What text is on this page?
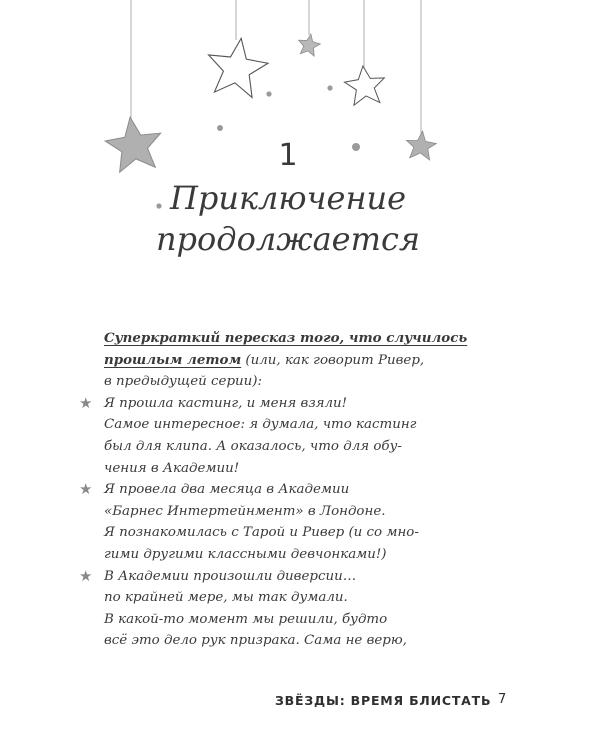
1
Приключение
продолжается
Суперкраткий пересказ того, что случилось
прошлым летом (или, как говорит Ривер,
в предыдущей серии):
★ Я прошла кастинг, и меня взяли!
Самое интересное: я думала, что кастинг
был для клипа. А оказалось, что для обу-
чения в Академии!
★ Я провела два месяца в Академии
«Барнес Интертейнмент» в Лондоне.
Я познакомилась с Тарой и Ривер (и со мно-
гими другими классными девчонками!)
★ В Академии произошли диверсии…
по крайней мере, мы так думали.
В какой-то момент мы решили, будто
всё это дело рук призрака. Сама не верю,
ЗВЁЗДЫ: ВРЕМЯ БЛИСТАТЬ 7
